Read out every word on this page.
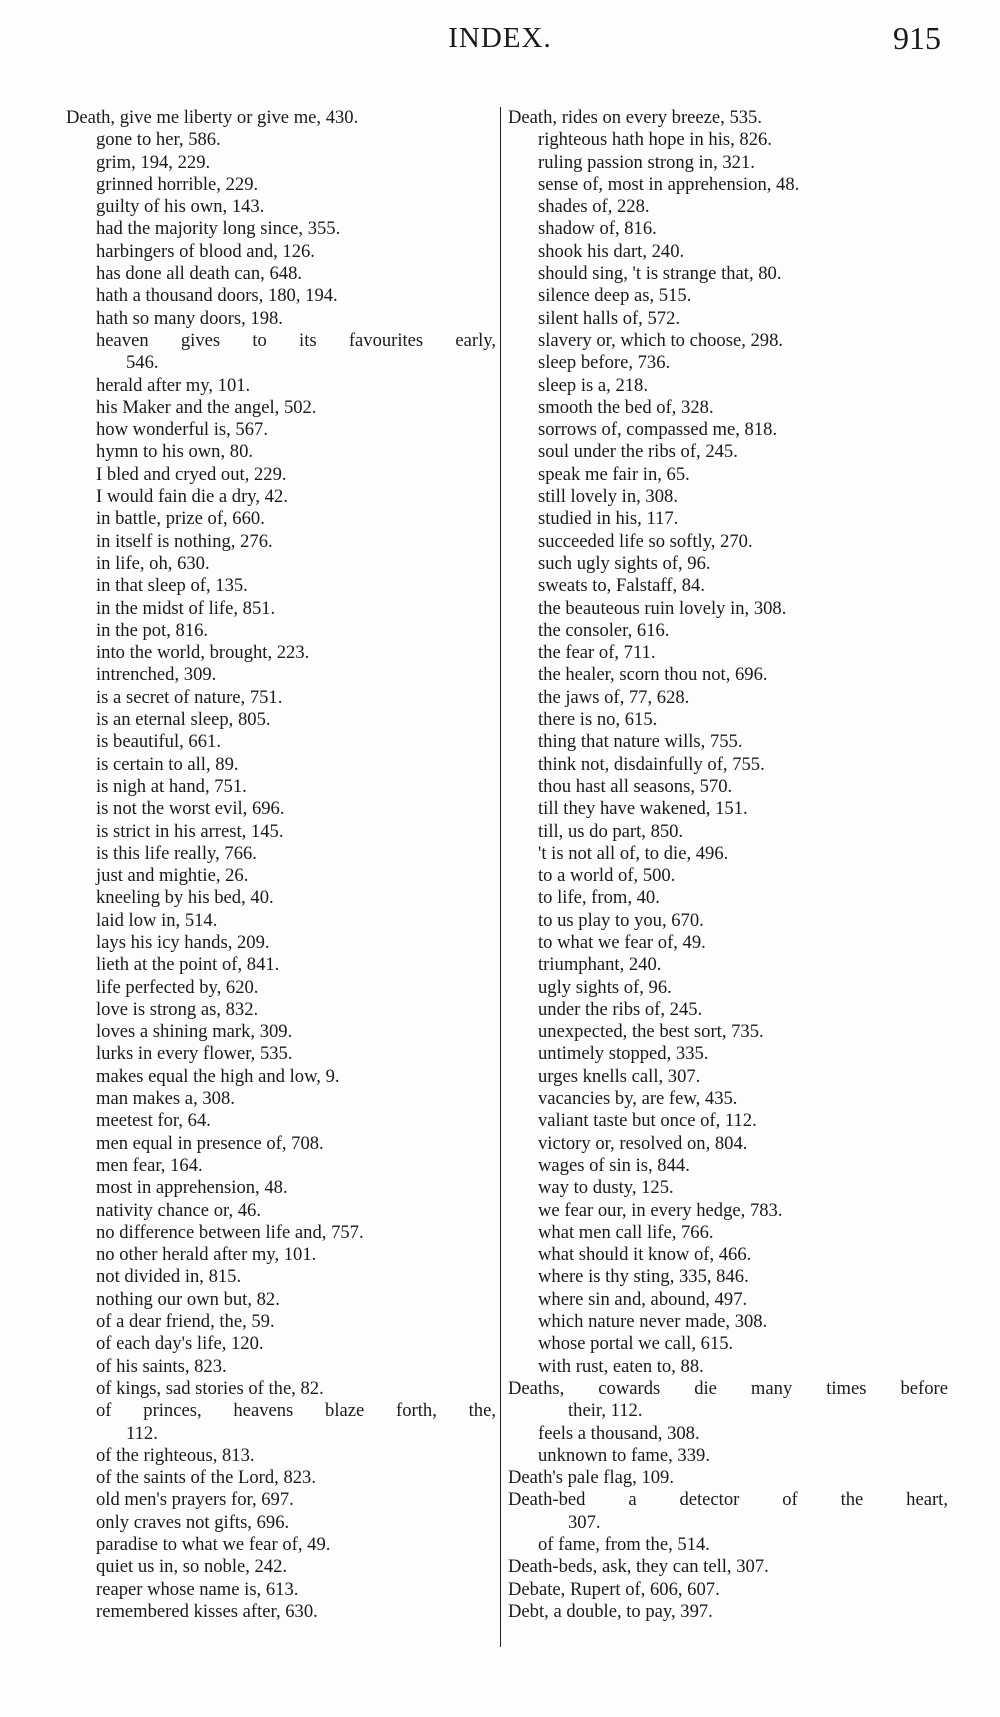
INDEX.	915
Death, give me liberty or give me, 430.
gone to her, 586.
grim, 194, 229.
grinned horrible, 229.
guilty of his own, 143.
had the majority long since, 355.
harbingers of blood and, 126.
has done all death can, 648.
hath a thousand doors, 180, 194.
hath so many doors, 198.
heaven gives to its favourites early,
546.
herald after my, 101.
his Maker and the angel, 502.
how wonderful is, 567.
hymn to his own, 80.
I bled and cryed out, 229.
I would fain die a dry, 42.
in battle, prize of, 660.
in itself is nothing, 276.
in life, oh, 630.
in that sleep of, 135.
in the midst of life, 851.
in the pot, 816.
into the world, brought, 223.
intrenched, 309.
is a secret of nature, 751.
is an eternal sleep, 805.
is beautiful, 661.
is certain to all, 89.
is nigh at hand, 751.
is not the worst evil, 696.
is strict in his arrest, 145.
is this life really, 766.
just and mightie, 26.
kneeling by his bed, 40.
laid low in, 514.
lays his icy hands, 209.
lieth at the point of, 841.
life perfected by, 620.
love is strong as, 832.
loves a shining mark, 309.
lurks in every flower, 535.
makes equal the high and low, 9.
man makes a, 308.
meetest for, 64.
men equal in presence of, 708.
men fear, 164.
most in apprehension, 48.
nativity chance or, 46.
no difference between life and, 757.
no other herald after my, 101.
not divided in, 815.
nothing our own but, 82.
of a dear friend, the, 59.
of each day's life, 120.
of his saints, 823.
of kings, sad stories of the, 82.
of princes, heavens blaze forth, the,
112.
of the righteous, 813.
of the saints of the Lord, 823.
old men's prayers for, 697.
only craves not gifts, 696.
paradise to what we fear of, 49.
quiet us in, so noble, 242.
reaper whose name is, 613.
remembered kisses after, 630.
Death, rides on every breeze, 535.
righteous hath hope in his, 826.
ruling passion strong in, 321.
sense of, most in apprehension, 48.
shades of, 228.
shadow of, 816.
shook his dart, 240.
should sing, 't is strange that, 80.
silence deep as, 515.
silent halls of, 572.
slavery or, which to choose, 298.
sleep before, 736.
sleep is a, 218.
smooth the bed of, 328.
sorrows of, compassed me, 818.
soul under the ribs of, 245.
speak me fair in, 65.
still lovely in, 308.
studied in his, 117.
succeeded life so softly, 270.
such ugly sights of, 96.
sweats to, Falstaff, 84.
the beauteous ruin lovely in, 308.
the consoler, 616.
the fear of, 711.
the healer, scorn thou not, 696.
the jaws of, 77, 628.
there is no, 615.
thing that nature wills, 755.
think not, disdainfully of, 755.
thou hast all seasons, 570.
till they have wakened, 151.
till, us do part, 850.
't is not all of, to die, 496.
to a world of, 500.
to life, from, 40.
to us play to you, 670.
to what we fear of, 49.
triumphant, 240.
ugly sights of, 96.
under the ribs of, 245.
unexpected, the best sort, 735.
untimely stopped, 335.
urges knells call, 307.
vacancies by, are few, 435.
valiant taste but once of, 112.
victory or, resolved on, 804.
wages of sin is, 844.
way to dusty, 125.
we fear our, in every hedge, 783.
what men call life, 766.
what should it know of, 466.
where is thy sting, 335, 846.
where sin and, abound, 497.
which nature never made, 308.
whose portal we call, 615.
with rust, eaten to, 88.
Deaths, cowards die many times before
their, 112.
feels a thousand, 308.
unknown to fame, 339.
Death's pale flag, 109.
Death-bed a detector of the heart,
307.
of fame, from the, 514.
Death-beds, ask, they can tell, 307.
Debate, Rupert of, 606, 607.
Debt, a double, to pay, 397.
